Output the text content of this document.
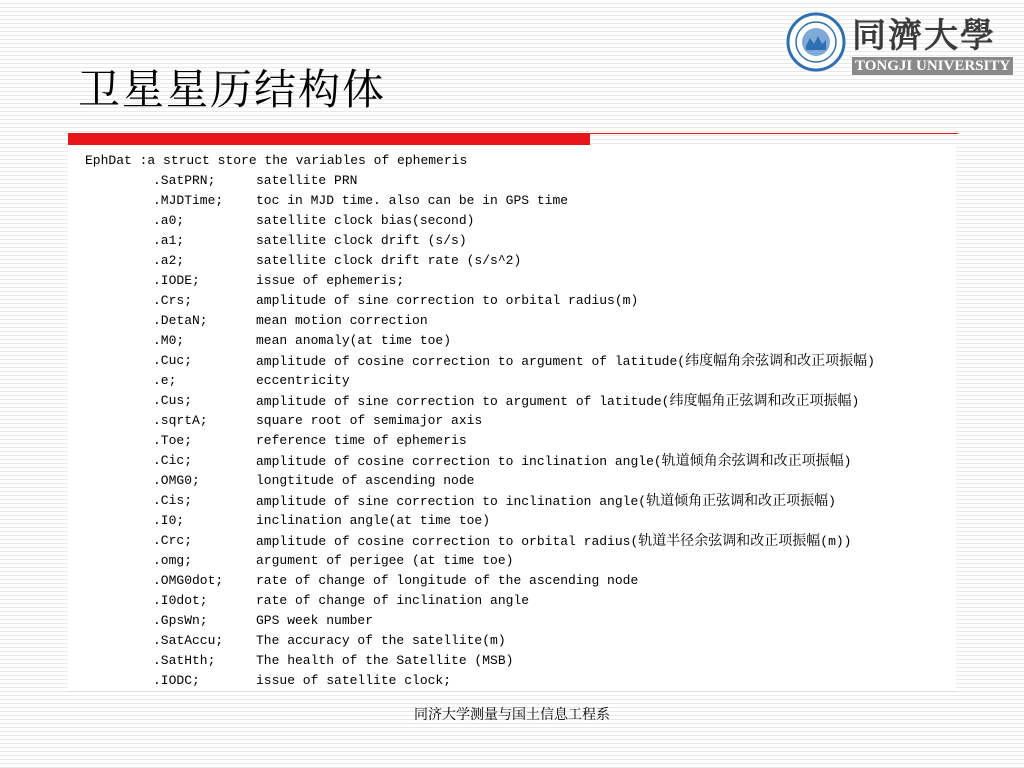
同濟大學
TONGJI UNIVERSITY
卫星星历结构体
EphDat :a struct store the variables of ephemeris
.SatPRN;	satellite PRN
.MJDTime;	toc in MJD time. also can be in GPS time
.a0;	satellite clock bias(second)
.a1;	satellite clock drift (s/s)
.a2;	satellite clock drift rate (s/s^2)
.IODE;	issue of ephemeris;
.Crs;	amplitude of sine correction to orbital radius(m)
.DetaN;	mean motion correction
.M0;	mean anomaly(at time toe)
.Cuc;	amplitude of cosine correction to argument of latitude(纬度幅角余弦调和改正项振幅)
.e;	eccentricity
.Cus;	amplitude of sine correction to argument of latitude(纬度幅角正弦调和改正项振幅)
.sqrtA;	square root of semimajor axis
.Toe;	reference time of ephemeris
.Cic;	amplitude of cosine correction to inclination angle(轨道倾角余弦调和改正项振幅)
.OMG0;	longtitude of ascending node
.Cis;	amplitude of sine correction to inclination angle(轨道倾角正弦调和改正项振幅)
.I0;	inclination angle(at time toe)
.Crc;	amplitude of cosine correction to orbital radius(轨道半径余弦调和改正项振幅(m))
.omg;	argument of perigee (at time toe)
.OMG0dot;	rate of change of longitude of the ascending node
.I0dot;	rate of change of inclination angle
.GpsWn;	GPS week number
.SatAccu;	The accuracy of the satellite(m)
.SatHth;	The health of the Satellite (MSB)
.IODC;	issue of satellite clock;
同济大学测量与国土信息工程系
